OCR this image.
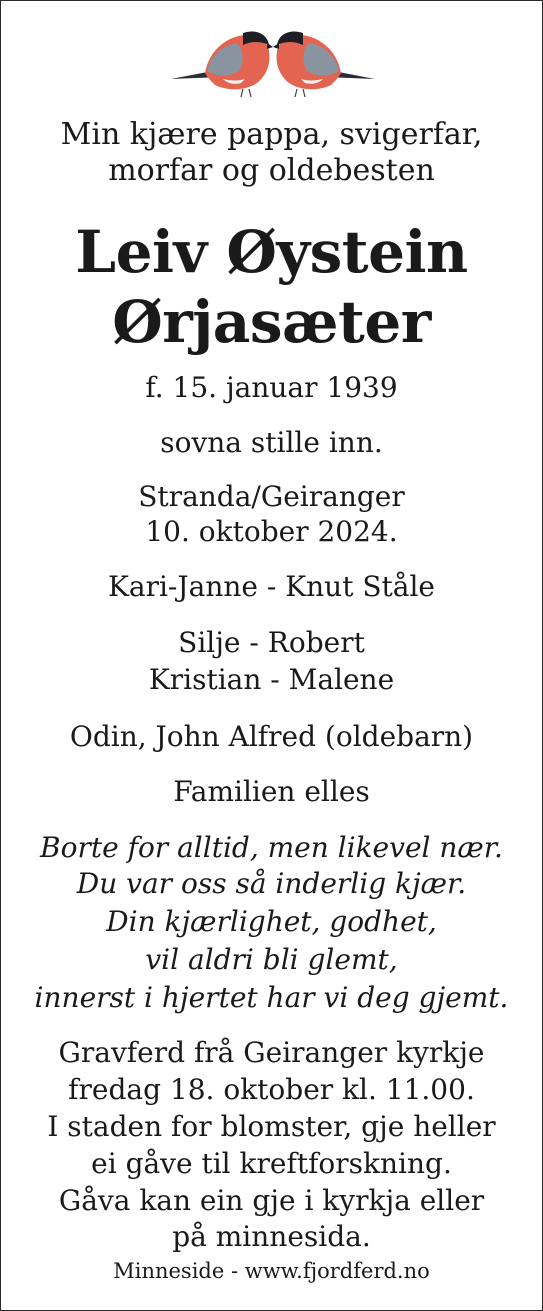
Min kjære pappa, svigerfar,
morfar og oldebesten
Leiv Øystein
Ørjasæter
f. 15. januar 1939
sovna stille inn.
Stranda/Geiranger
10. oktober 2024.
Kari-Janne - Knut Ståle
Silje - Robert
Kristian - Malene
Odin, John Alfred (oldebarn)
Familien elles
Borte for alltid, men likevel nær.
Du var oss så inderlig kjær.
Din kjærlighet, godhet,
vil aldri bli glemt,
innerst i hjertet har vi deg gjemt.
Gravferd frå Geiranger kyrkje
fredag 18. oktober kl. 11.00.
I staden for blomster, gje heller
ei gåve til kreftforskning.
Gåva kan ein gje i kyrkja eller
på minnesida.
Minneside - www.fjordferd.no
